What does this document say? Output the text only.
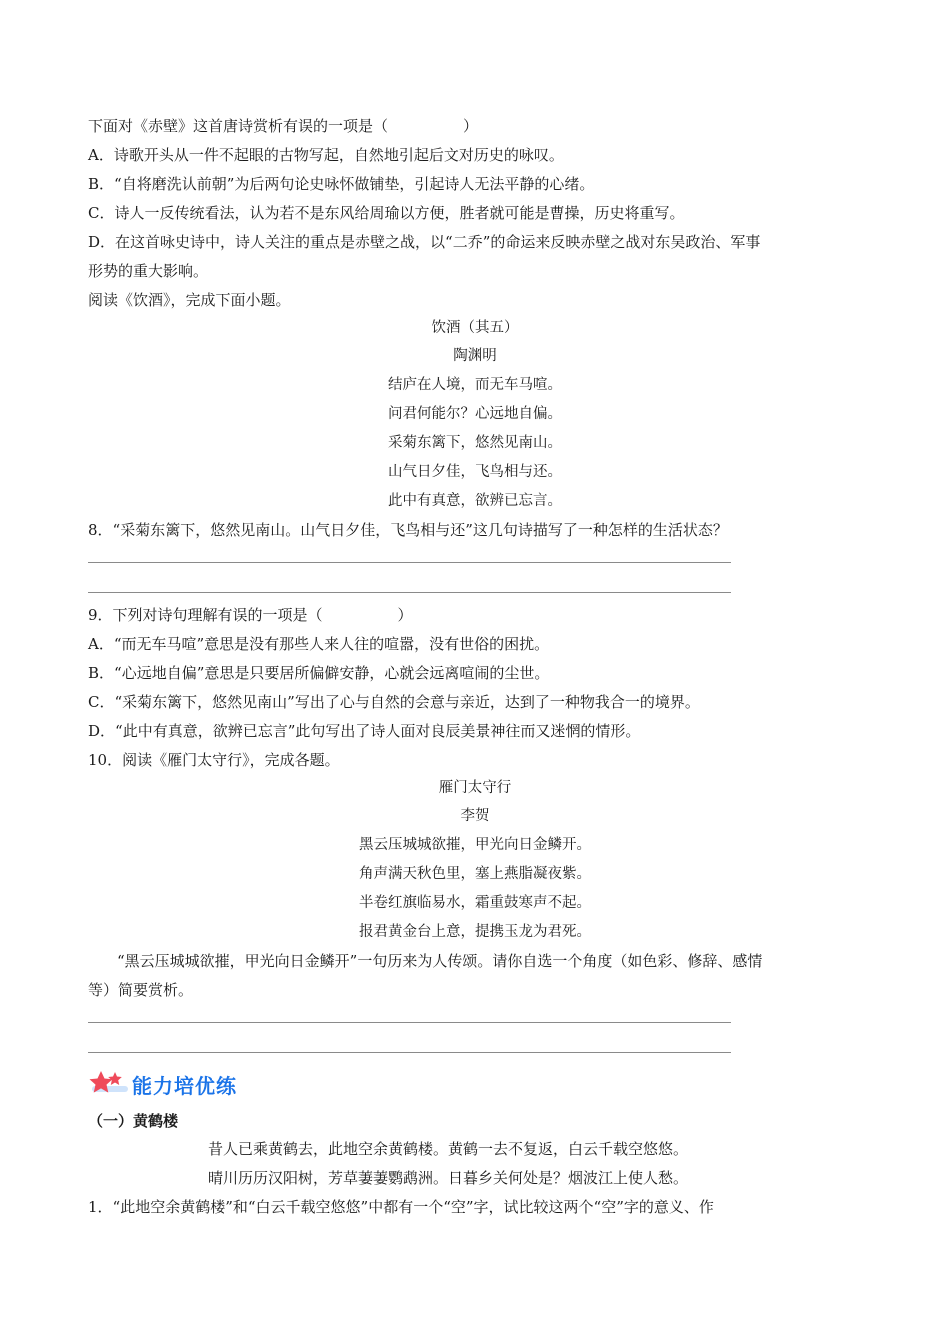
下面对《赤壁》这首唐诗赏析有误的一项是（　　　　　）
A．诗歌开头从一件不起眼的古物写起，自然地引起后文对历史的咏叹。
B．“自将磨洗认前朝”为后两句论史咏怀做铺垫，引起诗人无法平静的心绪。
C．诗人一反传统看法，认为若不是东风给周瑜以方便，胜者就可能是曹操，历史将重写。
D．在这首咏史诗中，诗人关注的重点是赤壁之战，以“二乔”的命运来反映赤壁之战对东吴政治、军事
形势的重大影响。
阅读《饮酒》，完成下面小题。
饮酒（其五）
陶渊明
结庐在人境，而无车马喧。
问君何能尔？心远地自偏。
采菊东篱下，悠然见南山。
山气日夕佳，飞鸟相与还。
此中有真意，欲辨已忘言。
8．“采菊东篱下，悠然见南山。山气日夕佳，飞鸟相与还”这几句诗描写了一种怎样的生活状态？
9．下列对诗句理解有误的一项是（　　　　　）
A．“而无车马喧”意思是没有那些人来人往的喧嚣，没有世俗的困扰。
B．“心远地自偏”意思是只要居所偏僻安静，心就会远离喧闹的尘世。
C．“采菊东篱下，悠然见南山”写出了心与自然的会意与亲近，达到了一种物我合一的境界。
D．“此中有真意，欲辨已忘言”此句写出了诗人面对良辰美景神往而又迷惘的情形。
10．阅读《雁门太守行》，完成各题。
雁门太守行
李贺
黑云压城城欲摧，甲光向日金鳞开。
角声满天秋色里，塞上燕脂凝夜紫。
半卷红旗临易水，霜重鼓寒声不起。
报君黄金台上意，提携玉龙为君死。
“黑云压城城欲摧，甲光向日金鳞开”一句历来为人传颂。请你自选一个角度（如色彩、修辞、感情
等）简要赏析。
能力培优练
（一）黄鹤楼
昔人已乘黄鹤去，此地空余黄鹤楼。黄鹤一去不复返，白云千载空悠悠。
晴川历历汉阳树，芳草萋萋鹦鹉洲。日暮乡关何处是？烟波江上使人愁。
1．“此地空余黄鹤楼”和“白云千载空悠悠”中都有一个“空”字，试比较这两个“空”字的意义、作
